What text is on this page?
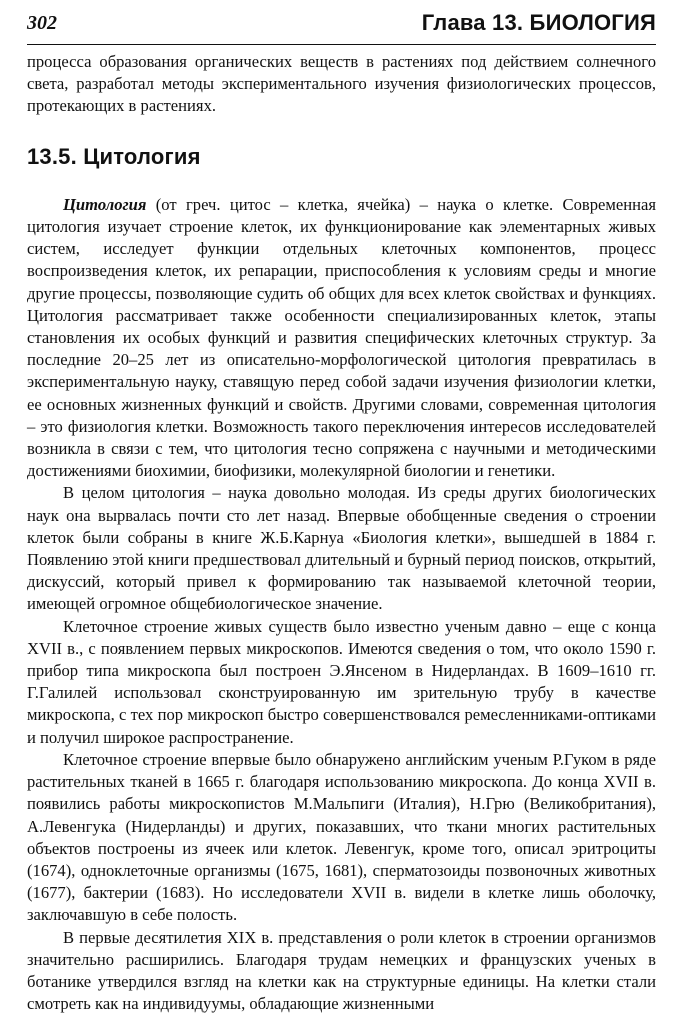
302	Глава 13. БИОЛОГИЯ

процесса образования органических веществ в растениях под действием солнечного света, разработал методы экспериментального изучения физиологических процессов, протекающих в растениях.

13.5. Цитология

Цитология (от греч. цитос – клетка, ячейка) – наука о клетке. Современная цитология изучает строение клеток, их функционирование как элементарных живых систем, исследует функции отдельных клеточных компонентов, процесс воспроизведения клеток, их репарации, приспособления к условиям среды и многие другие процессы, позволяющие судить об общих для всех клеток свойствах и функциях. Цитология рассматривает также особенности специализированных клеток, этапы становления их особых функций и развития специфических клеточных структур. За последние 20–25 лет из описательно-морфологической цитология превратилась в экспериментальную науку, ставящую перед собой задачи изучения физиологии клетки, ее основных жизненных функций и свойств. Другими словами, современная цитология – это физиология клетки. Возможность такого переключения интересов исследователей возникла в связи с тем, что цитология тесно сопряжена с научными и методическими достижениями биохимии, биофизики, молекулярной биологии и генетики.

В целом цитология – наука довольно молодая. Из среды других биологических наук она вырвалась почти сто лет назад. Впервые обобщенные сведения о строении клеток были собраны в книге Ж.Б.Карнуа «Биология клетки», вышедшей в 1884 г. Появлению этой книги предшествовал длительный и бурный период поисков, открытий, дискуссий, который привел к формированию так называемой клеточной теории, имеющей огромное общебиологическое значение.

Клеточное строение живых существ было известно ученым давно – еще с конца XVII в., с появлением первых микроскопов. Имеются сведения о том, что около 1590 г. прибор типа микроскопа был построен Э.Янсеном в Нидерландах. В 1609–1610 гг. Г.Галилей использовал сконструированную им зрительную трубу в качестве микроскопа, с тех пор микроскоп быстро совершенствовался ремесленниками-оптиками и получил широкое распространение.

Клеточное строение впервые было обнаружено английским ученым Р.Гуком в ряде растительных тканей в 1665 г. благодаря использованию микроскопа. До конца XVII в. появились работы микроскопистов М.Мальпиги (Италия), Н.Грю (Великобритания), А.Левенгука (Нидерланды) и других, показавших, что ткани многих растительных объектов построены из ячеек или клеток. Левенгук, кроме того, описал эритроциты (1674), одноклеточные организмы (1675, 1681), сперматозоиды позвоночных животных (1677), бактерии (1683). Но исследователи XVII в. видели в клетке лишь оболочку, заключавшую в себе полость.

В первые десятилетия XIX в. представления о роли клеток в строении организмов значительно расширились. Благодаря трудам немецких и французских ученых в ботанике утвердился взгляд на клетки как на структурные единицы. На клетки стали смотреть как на индивидуумы, обладающие жизненными
